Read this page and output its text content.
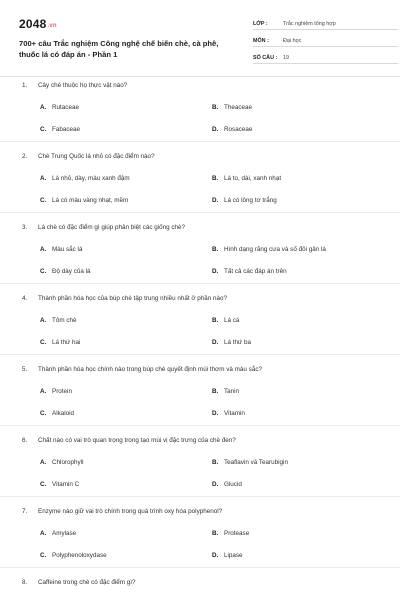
2048.vn
700+ câu Trắc nghiệm Công nghệ chế biến chè, cà phê, thuốc lá có đáp án - Phần 1
LỚP :	Trắc nghiệm tổng hợp
MÔN :	Đại học
SỐ CÂU :	19
1. Cây chè thuộc họ thực vật nào?
A. Rutaceae	B. Theaceae
C. Fabaceae	D. Rosaceae
2. Chè Trung Quốc lá nhỏ có đặc điểm nào?
A. Lá nhỏ, dày, màu xanh đậm	B. Lá to, dài, xanh nhạt
C. Lá có màu vàng nhạt, mềm	D. Lá có lông tơ trắng
3. Lá chè có đặc điểm gì giúp phân biệt các giống chè?
A. Màu sắc lá	B. Hình dạng răng cưa và số đôi gân lá
C. Độ dày của lá	D. Tất cả các đáp án trên
4. Thành phần hóa học của búp chè tập trung nhiều nhất ở phần nào?
A. Tôm chè	B. Lá cá
C. Lá thứ hai	D. Lá thứ ba
5. Thành phần hóa học chính nào trong búp chè quyết định mùi thơm và màu sắc?
A. Protein	B. Tanin
C. Alkaloid	D. Vitamin
6. Chất nào có vai trò quan trọng trong tạo mùi vị đặc trưng của chè đen?
A. Chlorophyll	B. Teaflavin và Tearubigin
C. Vitamin C	D. Glucid
7. Enzyme nào giữ vai trò chính trong quá trình oxy hóa polyphenol?
A. Amylase	B. Protease
C. Polyphenoloxydase	D. Lipase
8. Caffeine trong chè có đặc điểm gì?
